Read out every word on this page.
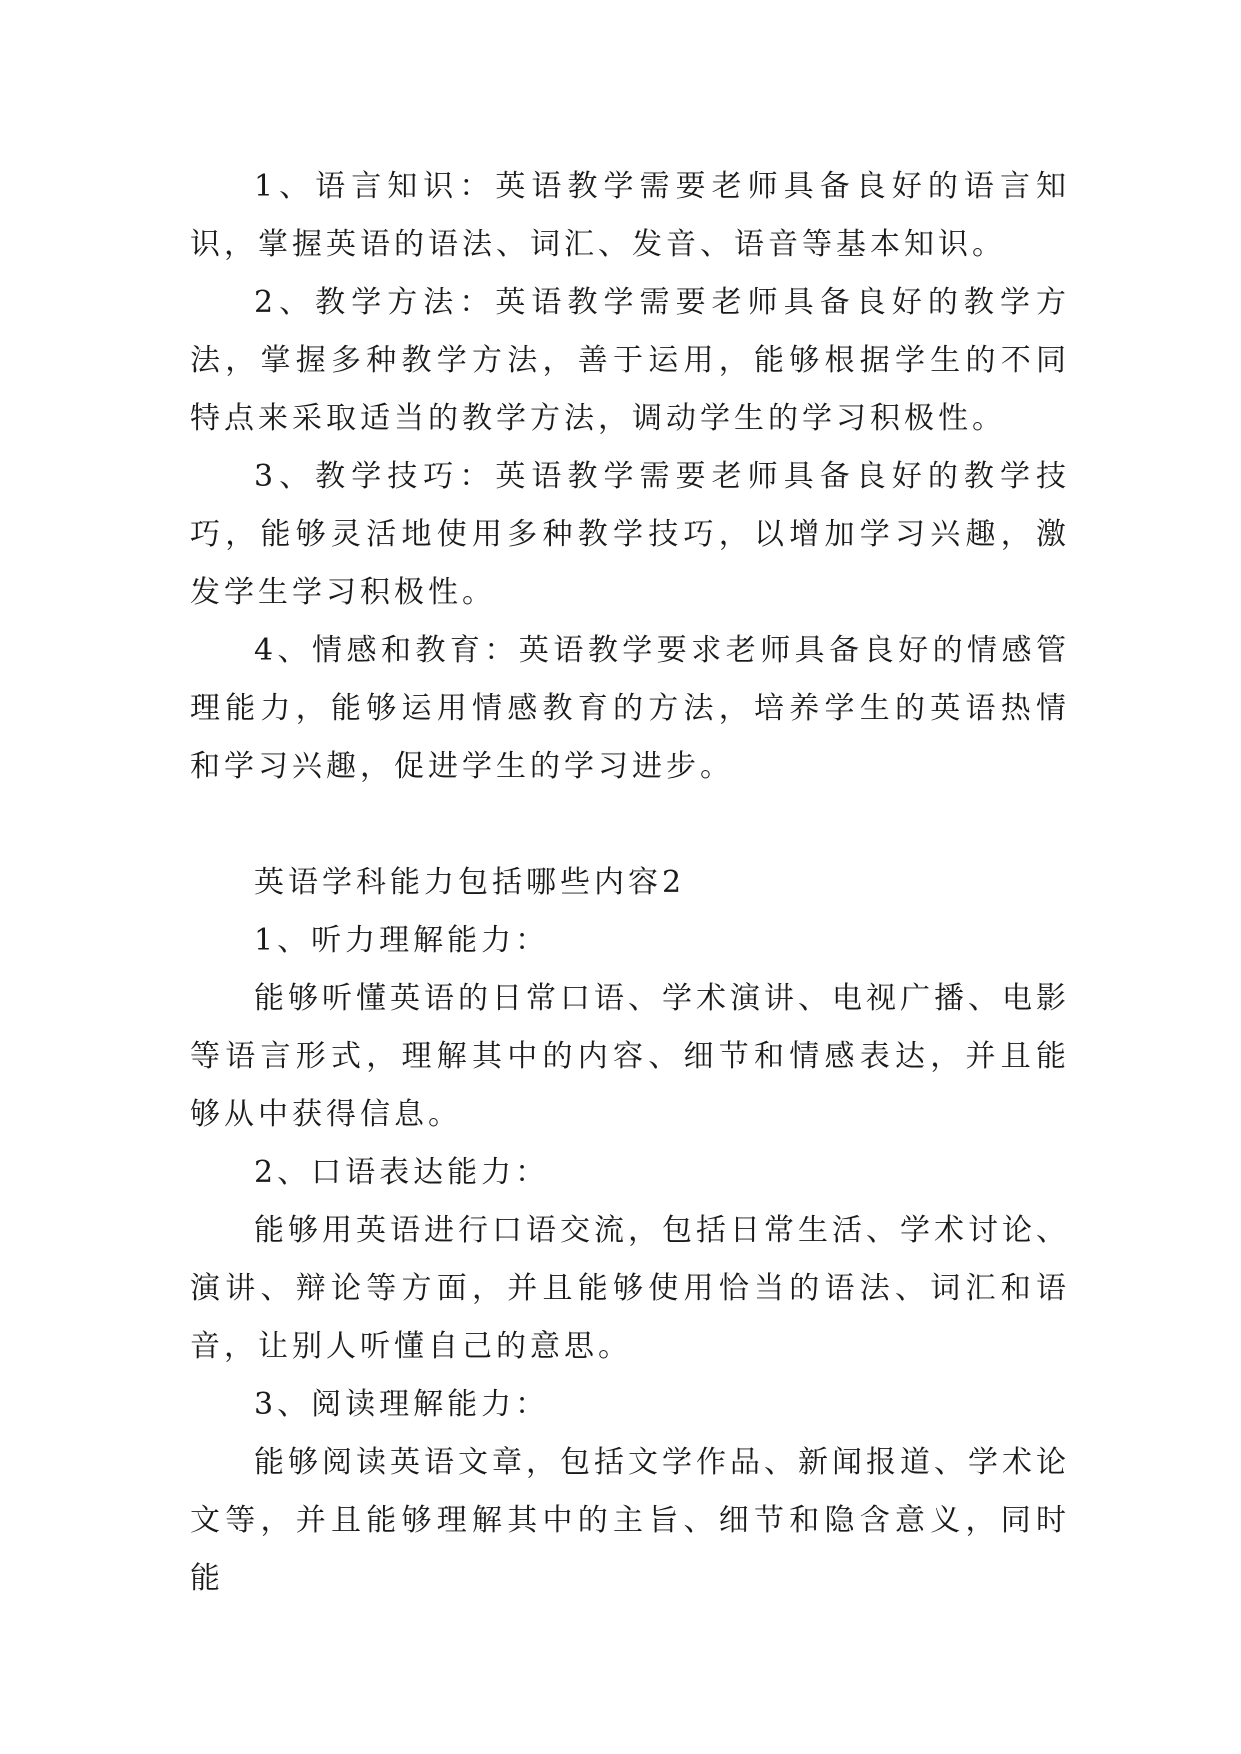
1、语言知识：英语教学需要老师具备良好的语言知识，掌握英语的语法、词汇、发音、语音等基本知识。

2、教学方法：英语教学需要老师具备良好的教学方法，掌握多种教学方法，善于运用，能够根据学生的不同特点来采取适当的教学方法，调动学生的学习积极性。

3、教学技巧：英语教学需要老师具备良好的教学技巧，能够灵活地使用多种教学技巧，以增加学习兴趣，激发学生学习积极性。

4、情感和教育：英语教学要求老师具备良好的情感管理能力，能够运用情感教育的方法，培养学生的英语热情和学习兴趣，促进学生的学习进步。

英语学科能力包括哪些内容2

1、听力理解能力：

能够听懂英语的日常口语、学术演讲、电视广播、电影等语言形式，理解其中的内容、细节和情感表达，并且能够从中获得信息。

2、口语表达能力：

能够用英语进行口语交流，包括日常生活、学术讨论、演讲、辩论等方面，并且能够使用恰当的语法、词汇和语音，让别人听懂自己的意思。

3、阅读理解能力：

能够阅读英语文章，包括文学作品、新闻报道、学术论文等，并且能够理解其中的主旨、细节和隐含意义，同时能
